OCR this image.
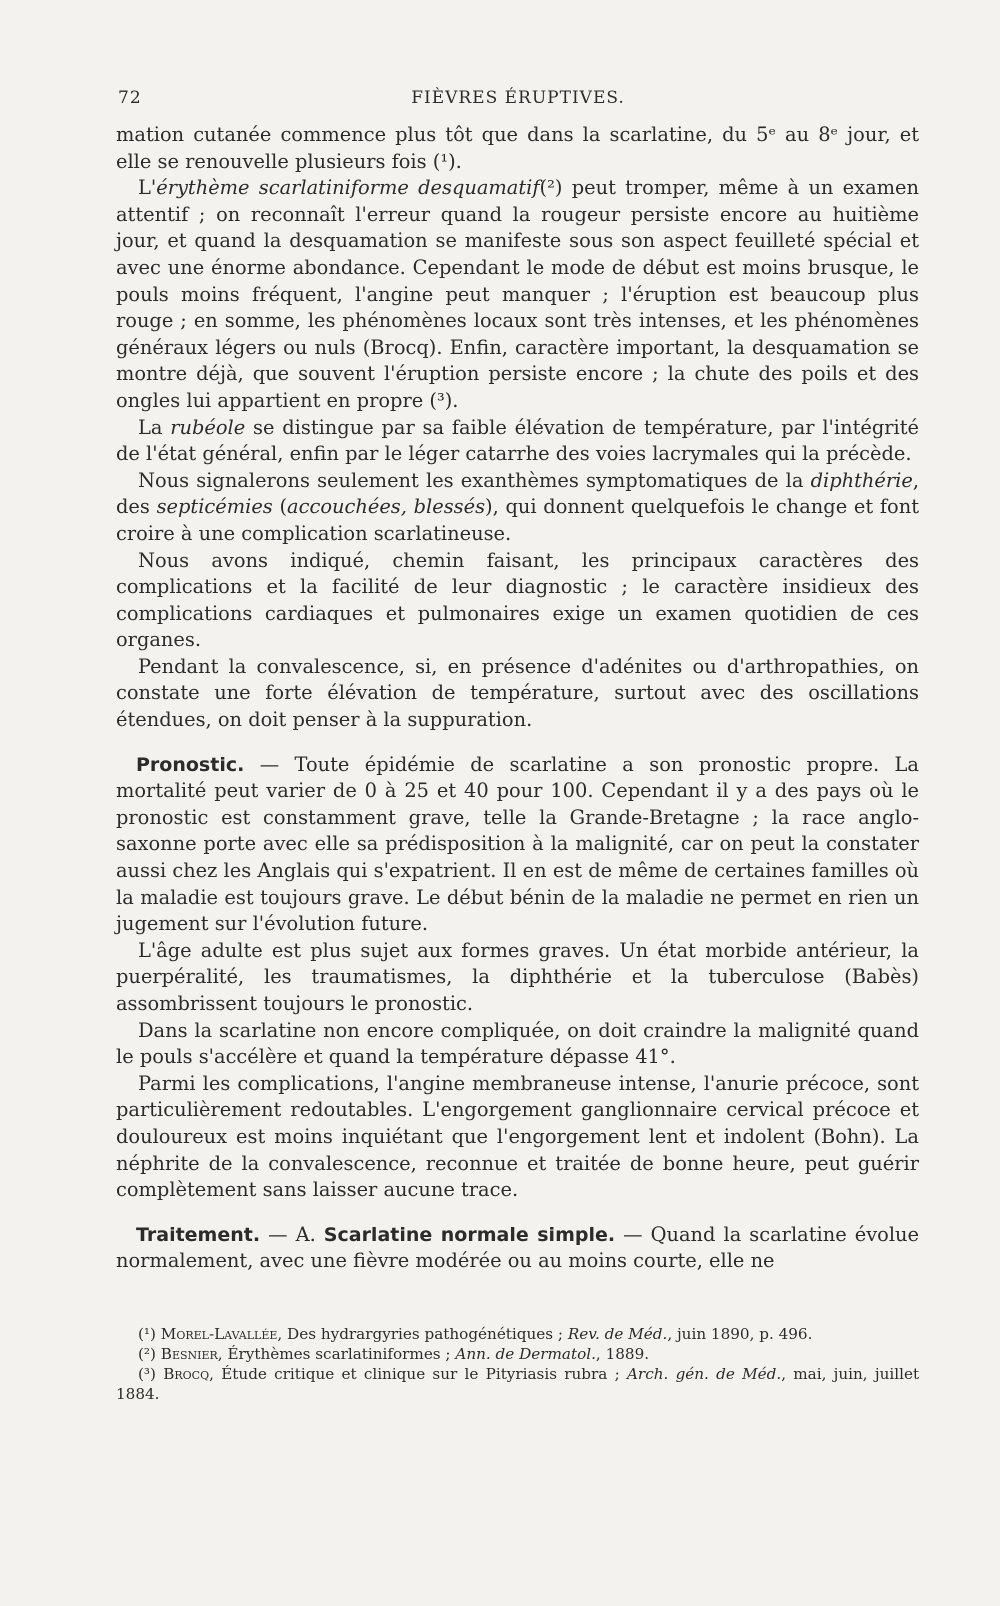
72	FIÈVRES ÉRUPTIVES.

mation cutanée commence plus tôt que dans la scarlatine, du 5ᵉ au 8ᵉ jour, et elle se renouvelle plusieurs fois (¹).

L'érythème scarlatiniforme desquamatif(²) peut tromper, même à un examen attentif ; on reconnaît l'erreur quand la rougeur persiste encore au huitième jour, et quand la desquamation se manifeste sous son aspect feuilleté spécial et avec une énorme abondance. Cependant le mode de début est moins brusque, le pouls moins fréquent, l'angine peut manquer ; l'éruption est beaucoup plus rouge ; en somme, les phénomènes locaux sont très intenses, et les phénomènes généraux légers ou nuls (Brocq). Enfin, caractère important, la desquamation se montre déjà, que souvent l'éruption persiste encore ; la chute des poils et des ongles lui appartient en propre (³).

La rubéole se distingue par sa faible élévation de température, par l'intégrité de l'état général, enfin par le léger catarrhe des voies lacrymales qui la précède.

Nous signalerons seulement les exanthèmes symptomatiques de la diphthérie, des septicémies (accouchées, blessés), qui donnent quelquefois le change et font croire à une complication scarlatineuse.

Nous avons indiqué, chemin faisant, les principaux caractères des complications et la facilité de leur diagnostic ; le caractère insidieux des complications cardiaques et pulmonaires exige un examen quotidien de ces organes.

Pendant la convalescence, si, en présence d'adénites ou d'arthropathies, on constate une forte élévation de température, surtout avec des oscillations étendues, on doit penser à la suppuration.

Pronostic. — Toute épidémie de scarlatine a son pronostic propre. La mortalité peut varier de 0 à 25 et 40 pour 100. Cependant il y a des pays où le pronostic est constamment grave, telle la Grande-Bretagne ; la race anglo-saxonne porte avec elle sa prédisposition à la malignité, car on peut la constater aussi chez les Anglais qui s'expatrient. Il en est de même de certaines familles où la maladie est toujours grave. Le début bénin de la maladie ne permet en rien un jugement sur l'évolution future.

L'âge adulte est plus sujet aux formes graves. Un état morbide antérieur, la puerpéralité, les traumatismes, la diphthérie et la tuberculose (Babès) assombrissent toujours le pronostic.

Dans la scarlatine non encore compliquée, on doit craindre la malignité quand le pouls s'accélère et quand la température dépasse 41°.

Parmi les complications, l'angine membraneuse intense, l'anurie précoce, sont particulièrement redoutables. L'engorgement ganglionnaire cervical précoce et douloureux est moins inquiétant que l'engorgement lent et indolent (Bohn). La néphrite de la convalescence, reconnue et traitée de bonne heure, peut guérir complètement sans laisser aucune trace.

Traitement. — A. Scarlatine normale simple. — Quand la scarlatine évolue normalement, avec une fièvre modérée ou au moins courte, elle ne

(¹) Morel-Lavallée, Des hydrargyries pathogénétiques ; Rev. de Méd., juin 1890, p. 496.

(²) Besnier, Érythèmes scarlatiniformes ; Ann. de Dermatol., 1889.

(³) Brocq, Étude critique et clinique sur le Pityriasis rubra ; Arch. gén. de Méd., mai, juin, juillet 1884.
